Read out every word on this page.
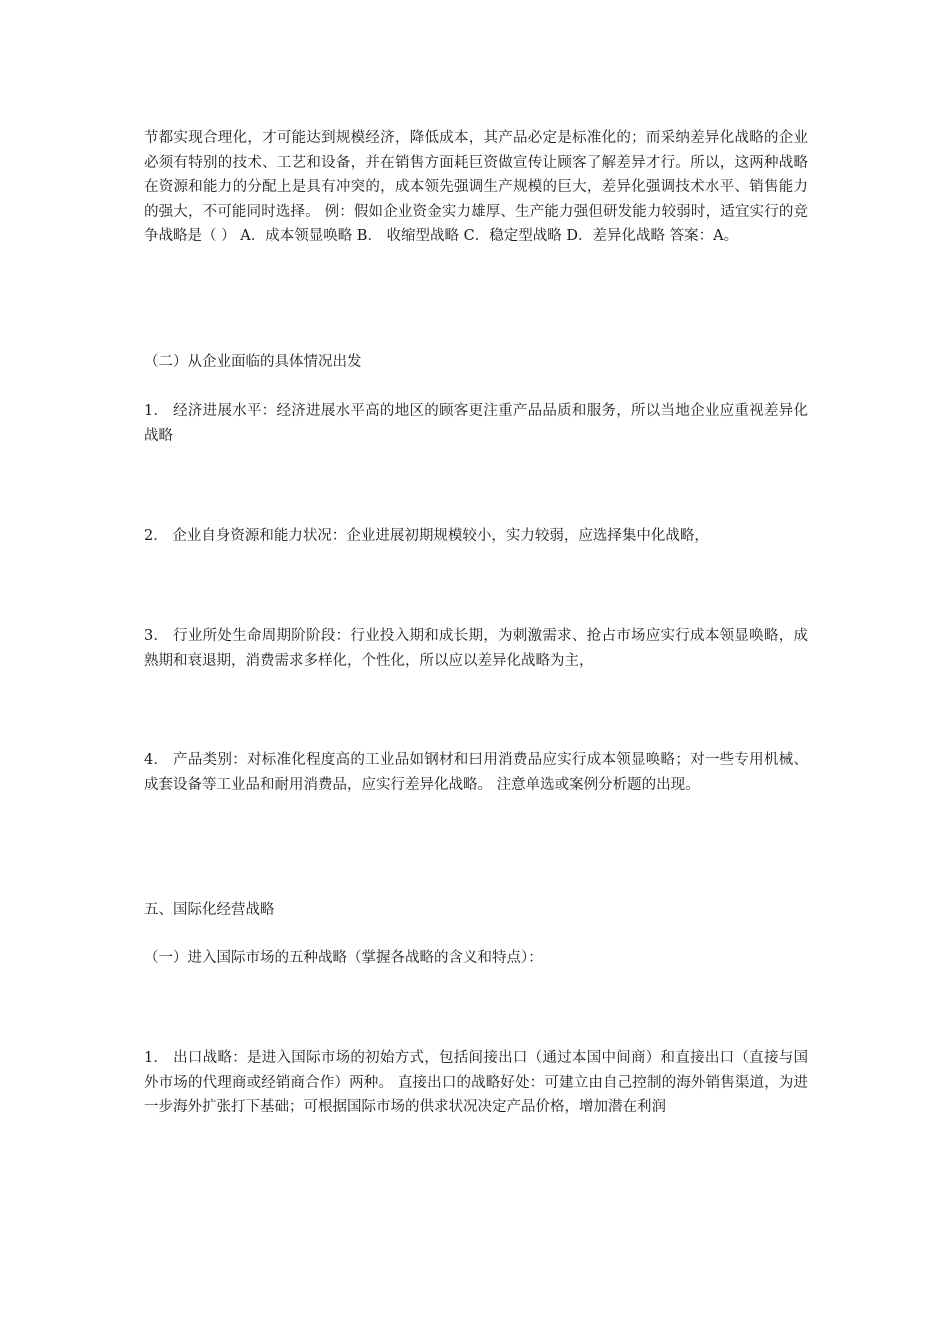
节都实现合理化，才可能达到规模经济，降低成本，其产品必定是标准化的；而采纳差异化战略的企业必须有特别的技术、工艺和设备，并在销售方面耗巨资做宣传让顾客了解差异才行。所以，这两种战略在资源和能力的分配上是具有冲突的，成本领先强调生产规模的巨大，差异化强调技术水平、销售能力的强大，不可能同时选择。 例：假如企业资金实力雄厚、生产能力强但研发能力较弱时，适宜实行的竞争战略是（ ） A．成本领显唤略 B． 收缩型战略 C．稳定型战略 D．差异化战略 答案：A。

（二）从企业面临的具体情况出发

1． 经济进展水平：经济进展水平高的地区的顾客更注重产品品质和服务，所以当地企业应重视差异化战略

2． 企业自身资源和能力状况：企业进展初期规模较小，实力较弱，应选择集中化战略，

3． 行业所处生命周期阶阶段：行业投入期和成长期，为刺激需求、抢占市场应实行成本领显唤略，成熟期和衰退期，消费需求多样化，个性化，所以应以差异化战略为主，

4． 产品类别：对标准化程度高的工业品如钢材和曰用消费品应实行成本领显唤略；对一些专用机械、成套设备等工业品和耐用消费品，应实行差异化战略。 注意单选或案例分析题的出现。

五、国际化经营战略

（一）进入国际市场的五种战略（掌握各战略的含义和特点）：

1． 出口战略：是进入国际市场的初始方式，包括间接出口（通过本国中间商）和直接出口（直接与国外市场的代理商或经销商合作）两种。 直接出口的战略好处：可建立由自己控制的海外销售渠道，为进一步海外扩张打下基础；可根据国际市场的供求状况决定产品价格，增加潜在利润
